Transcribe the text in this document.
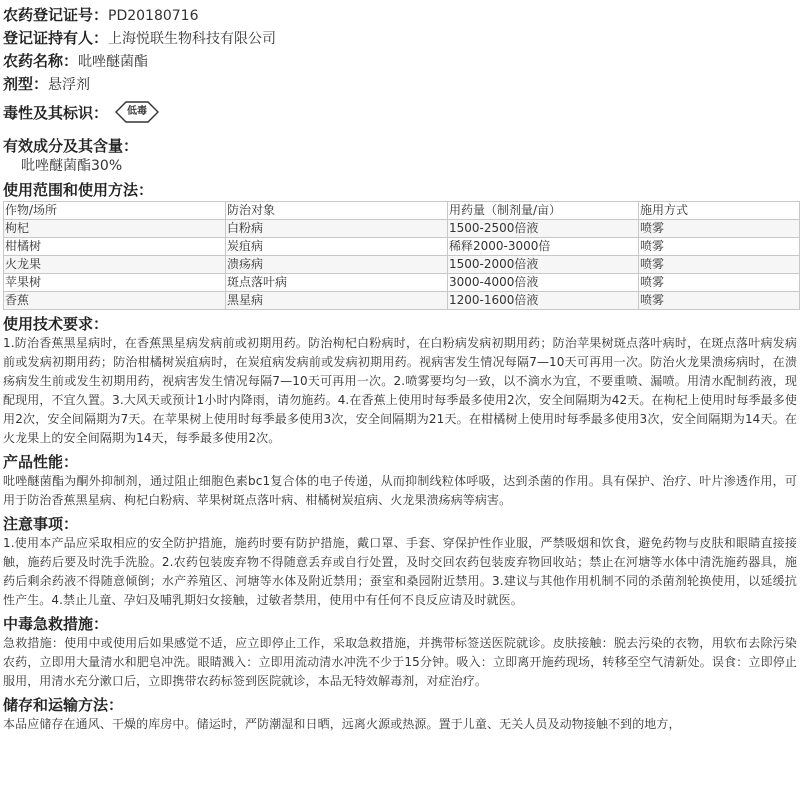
农药登记证号： PD20180716
登记证持有人： 上海悦联生物科技有限公司
农药名称： 吡唑醚菌酯
剂型： 悬浮剂
毒性及其标识：	低毒
有效成分及其含量：
吡唑醚菌酯30%
使用范围和使用方法：
作物/场所	防治对象	用药量（制剂量/亩）	施用方式
枸杞	白粉病	1500-2500倍液	喷雾
柑橘树	炭疽病	稀释2000-3000倍	喷雾
火龙果	溃疡病	1500-2000倍液	喷雾
苹果树	斑点落叶病	3000-4000倍液	喷雾
香蕉	黑星病	1200-1600倍液	喷雾
使用技术要求：
1.防治香蕉黑星病时，在香蕉黑星病发病前或初期用药。防治枸杞白粉病时，在白粉病发病初期用药；防治苹果树斑点落叶病时，在斑点落叶病发病前或发病初期用药；防治柑橘树炭疽病时，在炭疽病发病前或发病初期用药。视病害发生情况每隔7—10天可再用一次。防治火龙果溃疡病时，在溃疡病发生前或发生初期用药，视病害发生情况每隔7—10天可再用一次。2.喷雾要均匀一致，以不滴水为宜，不要重喷、漏喷。用清水配制药液，现配现用，不宜久置。3.大风天或预计1小时内降雨，请勿施药。4.在香蕉上使用时每季最多使用2次，安全间隔期为42天。在枸杞上使用时每季最多使用2次，安全间隔期为7天。在苹果树上使用时每季最多使用3次，安全间隔期为21天。在柑橘树上使用时每季最多使用3次，安全间隔期为14天。在火龙果上的安全间隔期为14天，每季最多使用2次。
产品性能：
吡唑醚菌酯为酮外抑制剂，通过阻止细胞色素bc1复合体的电子传递，从而抑制线粒体呼吸，达到杀菌的作用。具有保护、治疗、叶片渗透作用，可用于防治香蕉黑星病、枸杞白粉病、苹果树斑点落叶病、柑橘树炭疽病、火龙果溃疡病等病害。
注意事项：
1.使用本产品应采取相应的安全防护措施，施药时要有防护措施，戴口罩、手套、穿保护性作业服，严禁吸烟和饮食，避免药物与皮肤和眼睛直接接触，施药后要及时洗手洗脸。2.农药包装废弃物不得随意丢弃或自行处置，及时交回农药包装废弃物回收站；禁止在河塘等水体中清洗施药器具，施药后剩余药液不得随意倾倒；水产养殖区、河塘等水体及附近禁用；蚕室和桑园附近禁用。3.建议与其他作用机制不同的杀菌剂轮换使用，以延缓抗性产生。4.禁止儿童、孕妇及哺乳期妇女接触，过敏者禁用，使用中有任何不良反应请及时就医。
中毒急救措施：
急救措施：使用中或使用后如果感觉不适，应立即停止工作，采取急救措施，并携带标签送医院就诊。皮肤接触：脱去污染的衣物，用软布去除污染农药，立即用大量清水和肥皂冲洗。眼睛溅入：立即用流动清水冲洗不少于15分钟。吸入：立即离开施药现场，转移至空气清新处。误食：立即停止服用，用清水充分漱口后，立即携带农药标签到医院就诊，本品无特效解毒剂，对症治疗。
储存和运输方法：
本品应储存在通风、干燥的库房中。储运时，严防潮湿和日晒，远离火源或热源。置于儿童、无关人员及动物接触不到的地方，
